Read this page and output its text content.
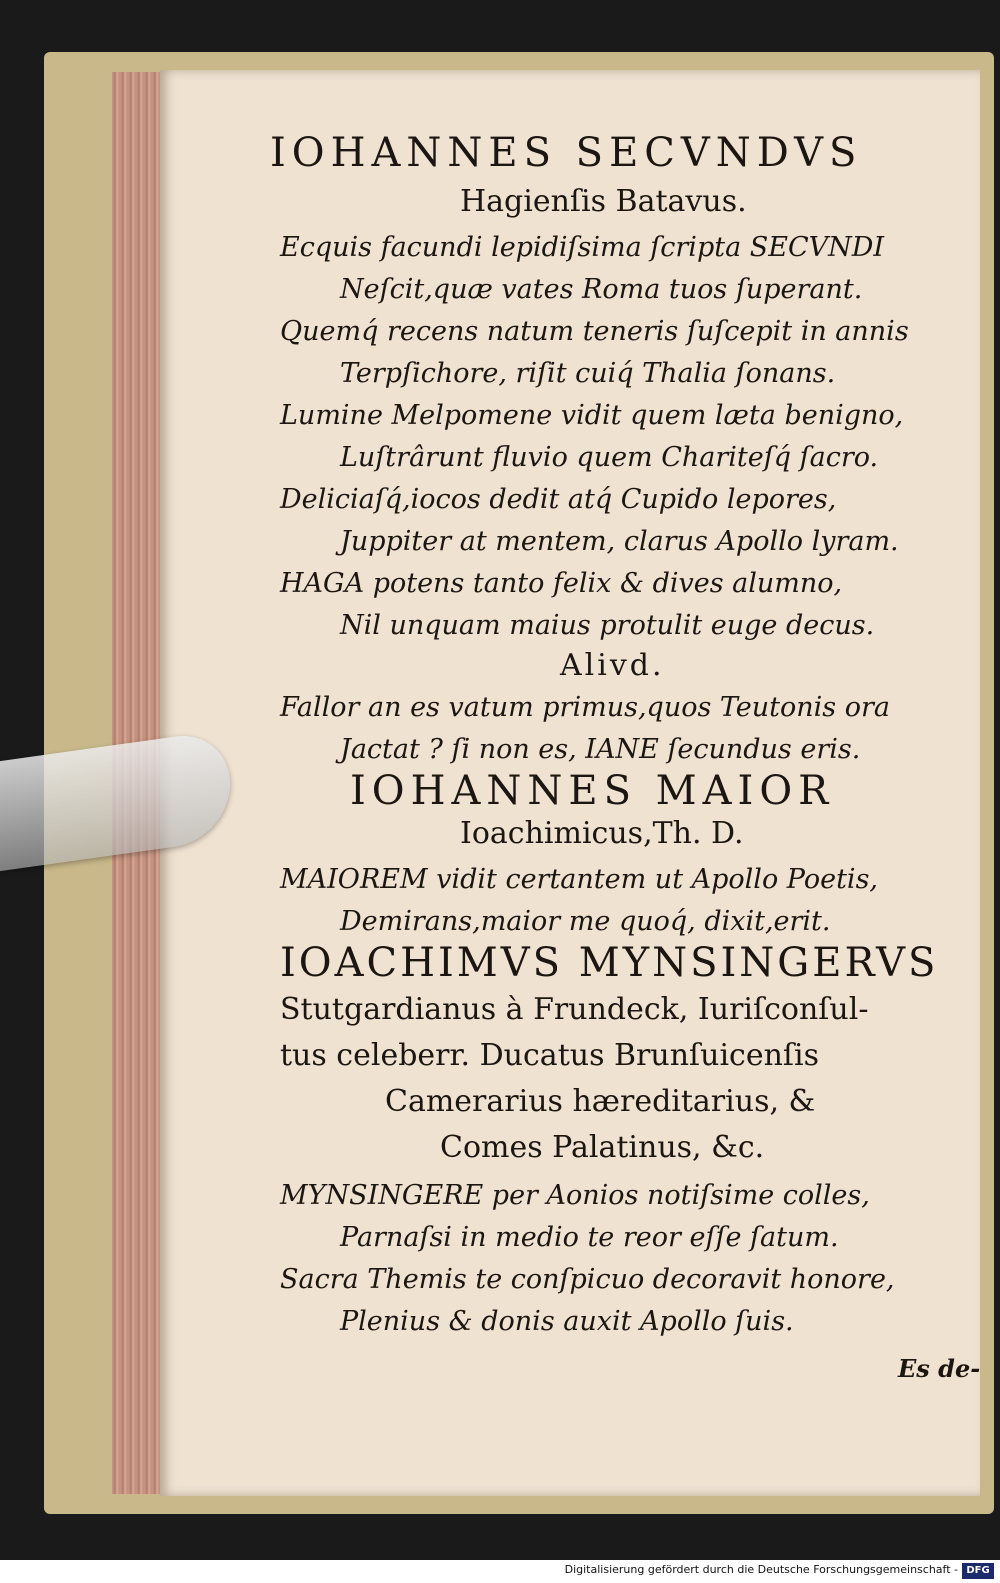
IOHANNES SECVNDVS
Hagienſis Batavus.
Ecquis facundi lepidiſsima ſcripta SECVNDI
Neſcit,quæ vates Roma tuos ſuperant.
Quemq́ recens natum teneris ſuſcepit in annis
Terpſichore, riſit cuiq́ Thalia ſonans.
Lumine Melpomene vidit quem læta benigno,
Luſtrârunt fluvio quem Chariteſq́ ſacro.
Deliciaſq́,iocos dedit atq́ Cupido lepores,
Juppiter at mentem, clarus Apollo lyram.
HAGA potens tanto felix & dives alumno,
Nil unquam maius protulit euge decus.
Alivd.
Fallor an es vatum primus,quos Teutonis ora
Jactat ? ſi non es, IANE ſecundus eris.
IOHANNES MAIOR
Ioachimicus,Th. D.
MAIOREM vidit certantem ut Apollo Poetis,
Demirans,maior me quoq́, dixit,erit.
IOACHIMVS MYNSINGERVS
Stutgardianus à Frundeck, Iuriſconſul-
tus celeberr. Ducatus Brunſuicenſis
Camerarius hæreditarius, &
Comes Palatinus, &c.
MYNSINGERE per Aonios notiſsime colles,
Parnaſsi in medio te reor eſſe ſatum.
Sacra Themis te conſpicuo decoravit honore,
Plenius & donis auxit Apollo ſuis.
Es de-
Digitalisierung gefördert durch die Deutsche Forschungsgemeinschaft - DFG
